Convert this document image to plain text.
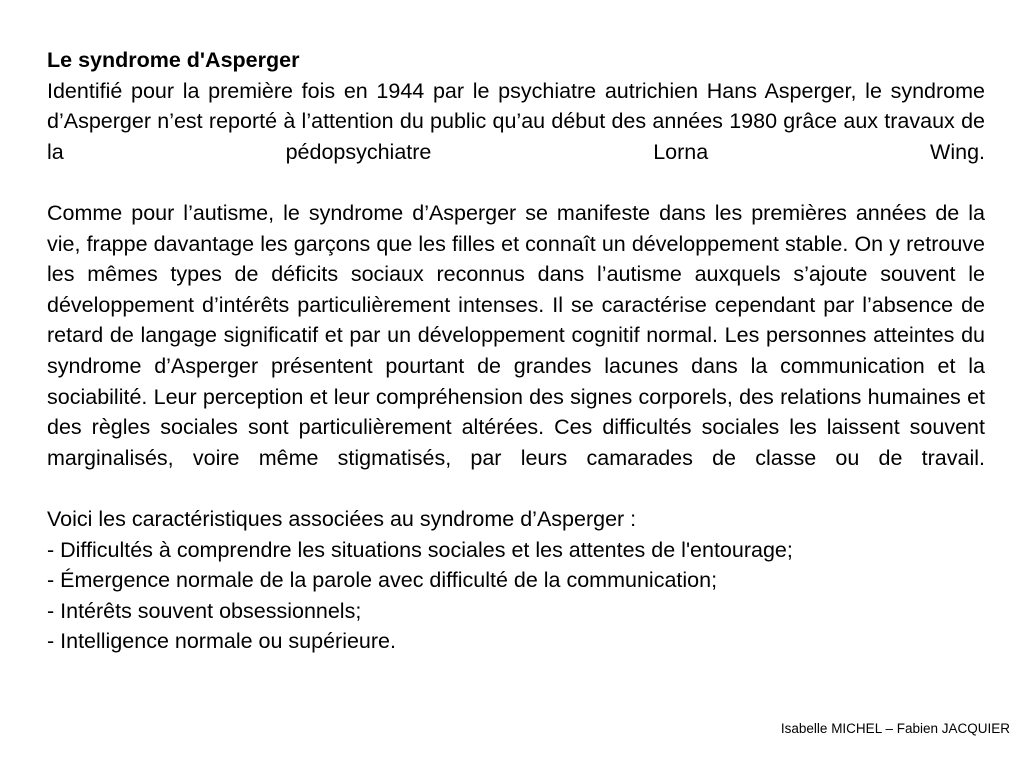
Le syndrome d'Asperger

Identifié pour la première fois en 1944 par le psychiatre autrichien Hans Asperger, le syndrome d’Asperger n’est reporté à l’attention du public qu’au début des années 1980 grâce aux travaux de la pédopsychiatre Lorna Wing.

Comme pour l’autisme, le syndrome d’Asperger se manifeste dans les premières années de la vie, frappe davantage les garçons que les filles et connaît un développement stable. On y retrouve les mêmes types de déficits sociaux reconnus dans l’autisme auxquels s’ajoute souvent le développement d’intérêts particulièrement intenses. Il se caractérise cependant par l’absence de retard de langage significatif et par un développement cognitif normal. Les personnes atteintes du syndrome d’Asperger présentent pourtant de grandes lacunes dans la communication et la sociabilité. Leur perception et leur compréhension des signes corporels, des relations humaines et des règles sociales sont particulièrement altérées. Ces difficultés sociales les laissent souvent marginalisés, voire même stigmatisés, par leurs camarades de classe ou de travail.

Voici les caractéristiques associées au syndrome d’Asperger :

- Difficultés à comprendre les situations sociales et les attentes de l'entourage;
- Émergence normale de la parole avec difficulté de la communication;
- Intérêts souvent obsessionnels;
- Intelligence normale ou supérieure.
Isabelle MICHEL – Fabien JACQUIER
